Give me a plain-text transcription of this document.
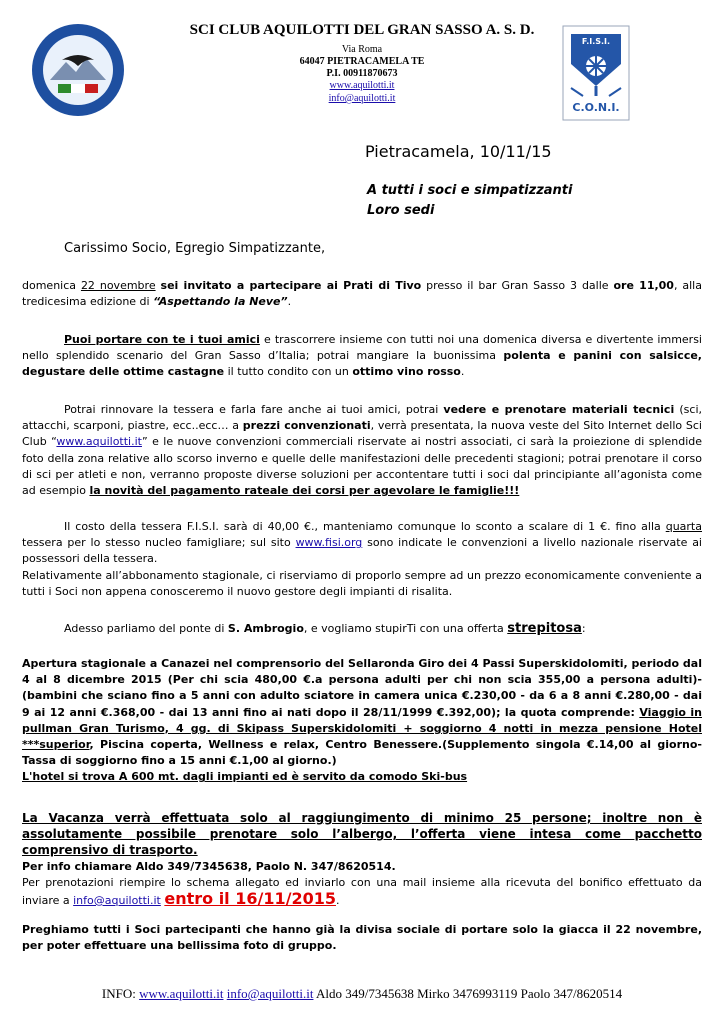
SCI CLUB AQUILOTTI DEL GRAN SASSO A. S. D.
Via Roma
64047 PIETRACAMELA TE
P.I. 00911870673
www.aquilotti.it
info@aquilotti.it
F.I.S.I.
C.O.N.I.
Pietracamela, 10/11/15
A tutti i soci e simpatizzanti
Loro sedi
Carissimo Socio, Egregio Simpatizzante,
domenica 22 novembre sei invitato a partecipare ai Prati di Tivo presso il bar Gran Sasso 3 dalle ore 11,00, alla tredicesima edizione di “Aspettando la Neve”.
Puoi portare con te i tuoi amici e trascorrere insieme con tutti noi una domenica diversa e divertente immersi nello splendido scenario del Gran Sasso d’Italia; potrai mangiare la buonissima polenta e panini con salsicce, degustare delle ottime castagne il tutto condito con un ottimo vino rosso.
Potrai rinnovare la tessera e farla fare anche ai tuoi amici, potrai vedere e prenotare materiali tecnici (sci, attacchi, scarponi, piastre, ecc..ecc… a prezzi convenzionati, verrà presentata, la nuova veste del Sito Internet dello Sci Club “www.aquilotti.it” e le nuove convenzioni commerciali riservate ai nostri associati, ci sarà la proiezione di splendide foto della zona relative allo scorso inverno e quelle delle manifestazioni delle precedenti stagioni; potrai prenotare il corso di sci per atleti e non, verranno proposte diverse soluzioni per accontentare tutti i soci dal principiante all’agonista come ad esempio la novità del pagamento rateale dei corsi per agevolare le famiglie!!!
Il costo della tessera F.I.S.I. sarà di 40,00 €., manteniamo comunque lo sconto a scalare di 1 €. fino alla quarta tessera per lo stesso nucleo famigliare; sul sito www.fisi.org sono indicate le convenzioni a livello nazionale riservate ai possessori della tessera.
Relativamente all’abbonamento stagionale, ci riserviamo di proporlo sempre ad un prezzo economicamente conveniente a tutti i Soci non appena conosceremo il nuovo gestore degli impianti di risalita.
Adesso parliamo del ponte di S. Ambrogio, e vogliamo stupirTi con una offerta strepitosa:
Apertura stagionale a Canazei nel comprensorio del Sellaronda Giro dei 4 Passi Superskidolomiti, periodo dal 4 al 8 dicembre 2015 (Per chi scia 480,00 €.a persona adulti per chi non scia 355,00 a persona adulti)-(bambini che sciano fino a 5 anni con adulto sciatore in camera unica €.230,00 - da 6 a 8 anni €.280,00 - dai 9 ai 12 anni €.368,00 - dai 13 anni fino ai nati dopo il 28/11/1999 €.392,00); la quota comprende: Viaggio in pullman Gran Turismo, 4 gg. di Skipass Superskidolomiti + soggiorno 4 notti in mezza pensione Hotel ***superior, Piscina coperta, Wellness e relax, Centro Benessere.(Supplemento singola €.14,00 al giorno-Tassa di soggiorno fino a 15 anni €.1,00 al giorno.)
L'hotel si trova A 600 mt. dagli impianti ed è servito da comodo Ski-bus
La Vacanza verrà effettuata solo al raggiungimento di minimo 25 persone; inoltre non è assolutamente possibile prenotare solo l’albergo, l’offerta viene intesa come pacchetto comprensivo di trasporto.
Per info chiamare Aldo 349/7345638, Paolo N. 347/8620514.
Per prenotazioni riempire lo schema allegato ed inviarlo con una mail insieme alla ricevuta del bonifico effettuato da inviare a info@aquilotti.it entro il 16/11/2015.
Preghiamo tutti i Soci partecipanti che hanno già la divisa sociale di portare solo la giacca il 22 novembre, per poter effettuare una bellissima foto di gruppo.
INFO: www.aquilotti.it info@aquilotti.it Aldo 349/7345638 Mirko 3476993119 Paolo 347/8620514
